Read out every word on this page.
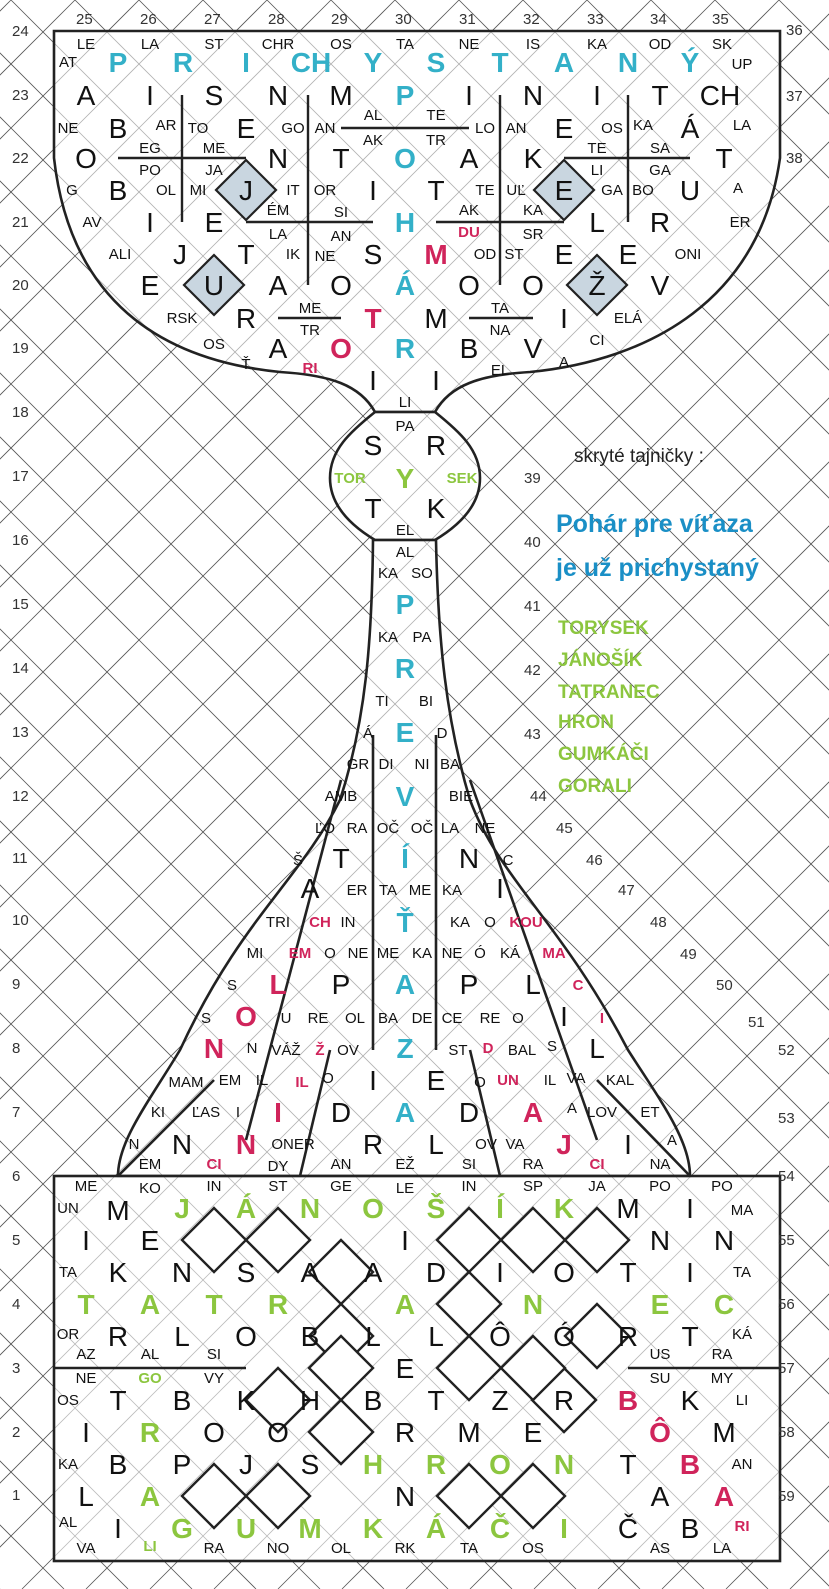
1
2
3
4
5
6
7
8
9
10
11
12
13
14
15
16
17
18
19
20
21
22
23
24
25	26	27	28	29	30	31	32	33	34	35
36
37
38
39
40
41
42
43
44
45
46
47
48
49
50
51
52
53
54
55
56
57
58
59
P R I CH Y S T A N Ý
A I S N M P I N I T CH
B	E	E	Á
O	N T O A K	T
B	J	I T	E	U
I E	H	L R
J T	S M	E E
E U A O Á O O Ž V
R	T M	I
A O R B V
I I
S R
Y
T K
P
R
E
V
T Í N
A	I
Ť
A
L P	P L
O	I
N	Z	L
I E
I D A D A
N N	R L	J I
J Á N O Š Í K
M	M I
I E	I	N N
K N S A A D I O T I
T A T R	A	N	E C
R L O B L L Ô Ó R T
E
T B K H B T Z R B K
I R O O	R M E	Ô M
B P J S H R O N T B
L A	N	A A
I G U M K Á Č I Č B
LE	LA	ST	CHR OS	TA	NE	IS	KA	OD	SK
AT	UP
NE	AR TO	GO AN
AL	TE
AK	TR
LO AN	OS KA	LA
EG	ME
PO	JA
TE	SA
LI	GA
G	OL MI	IT OR	TE UĽ	GA BO	A
ÉM	SI	AK	KA
AV	ER
LA	AN	DU	SR
ALI	IK NE	OD ST	ONI
RSK
ME
TR
TA
NA
ELÁ
OS	CI
Ť	RI	EL	A
LI
PA
TOR	SEK
EL
AL
KA SO
KA PA
TI BI
Á	D
GR DI NI BA
AMB	BIE
ĽO RA OČ OČ LA NE
Š	C
ER TA ME KA
TRI CH IN	KA O KOU
MI EM O NE ME KA NE Ó KÁ MA
S	C
S	U RE OL BA DE CE RE O	I
N VÁŽ Ž OV	ST D BAL S
MAM EM IL IL O	O UN IL VA KAL
KI ĽAS I	A LOV ET
N	ONER	OV VA	A
EM	CI	DY	AN	EŽ	SI	RA	CI	NA
ME	KO	IN	ST	GE	LE	IN	SP	JA	PO	PO
UN	MA
TA	TA
OR	KÁ
AZ	AL	SI	US	RA
NE	GO	VY	SU	MY
OS	LI
KA	AN
AL	RI
VA	LI	RA	NO	OL	RK	TA	OS	AS	LA
skryté tajničky :
Pohár pre víťaza
je už prichystaný
TORYSEK
JÁNOŠÍK
TATRANEC
HRON
GUMKÁČI
GORALI
